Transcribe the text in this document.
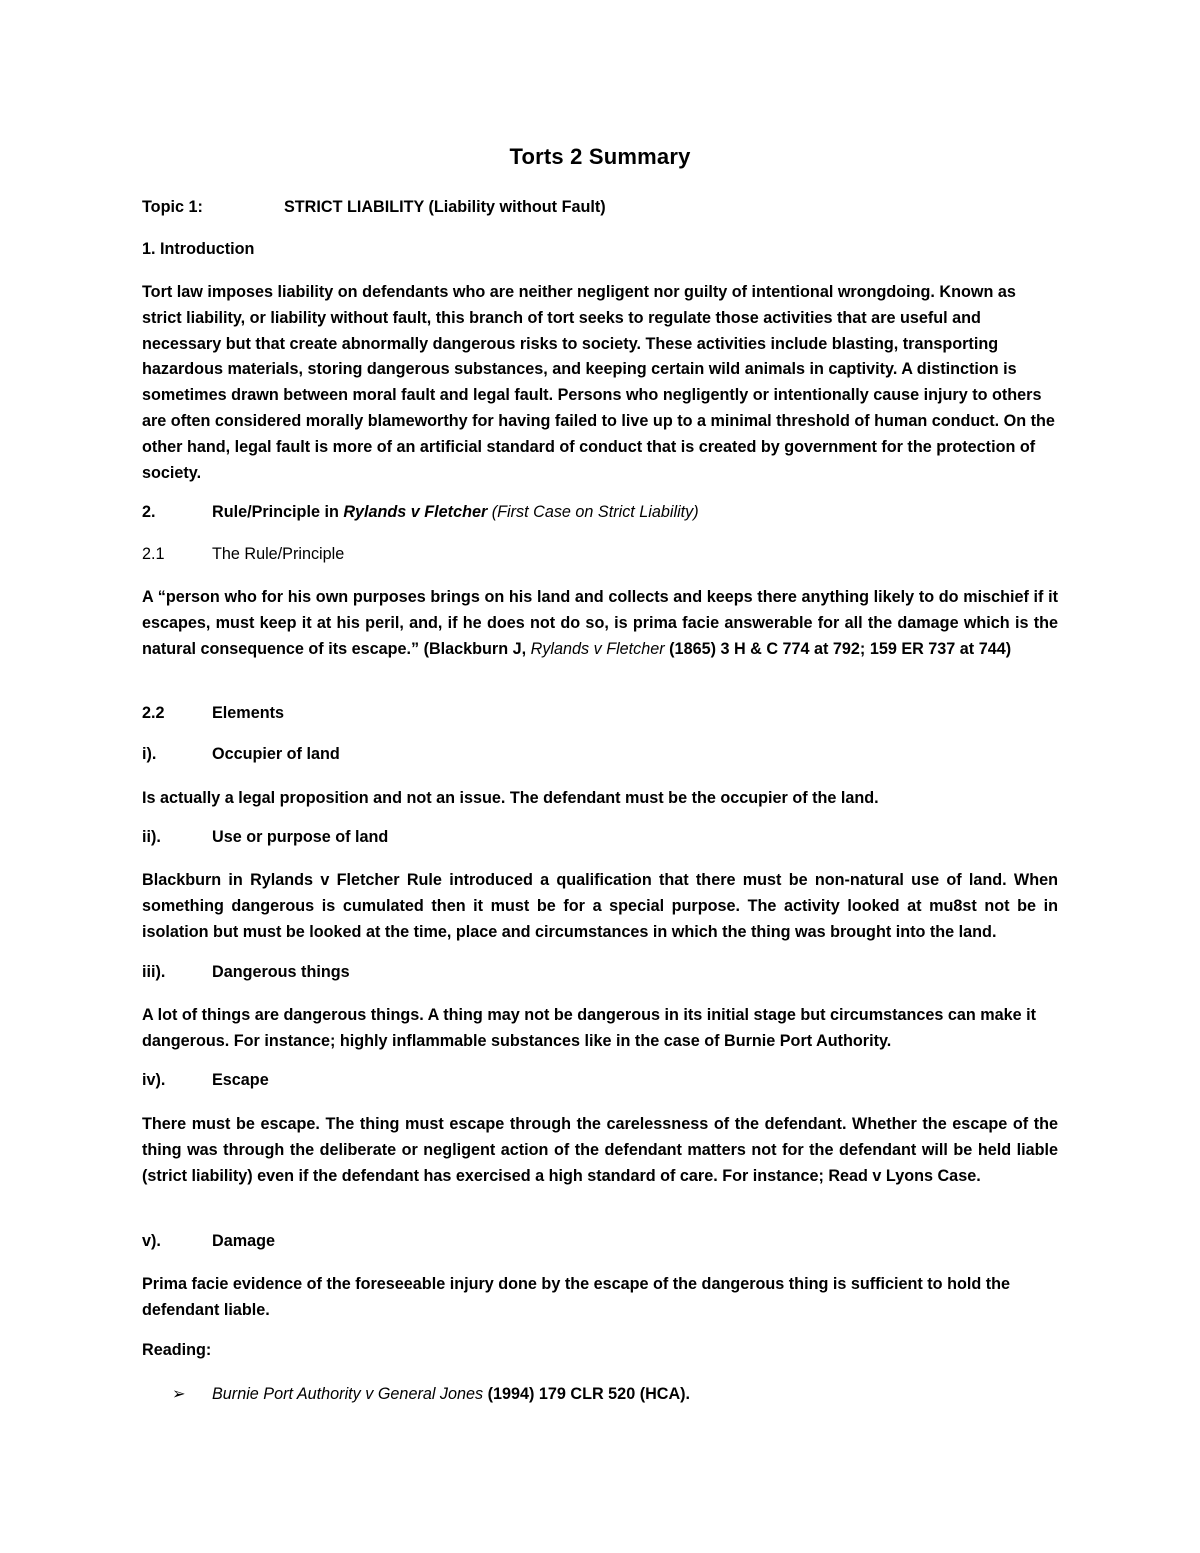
Torts 2 Summary
Topic 1:	STRICT LIABILITY (Liability without Fault)
1. Introduction
Tort law imposes liability on defendants who are neither negligent nor guilty of intentional wrongdoing. Known as strict liability, or liability without fault, this branch of tort seeks to regulate those activities that are useful and necessary but that create abnormally dangerous risks to society. These activities include blasting, transporting hazardous materials, storing dangerous substances, and keeping certain wild animals in captivity. A distinction is sometimes drawn between moral fault and legal fault. Persons who negligently or intentionally cause injury to others are often considered morally blameworthy for having failed to live up to a minimal threshold of human conduct. On the other hand, legal fault is more of an artificial standard of conduct that is created by government for the protection of society.
2.	Rule/Principle in Rylands v Fletcher (First Case on Strict Liability)
2.1	The Rule/Principle
A “person who for his own purposes brings on his land and collects and keeps there anything likely to do mischief if it escapes, must keep it at his peril, and, if he does not do so, is prima facie answerable for all the damage which is the natural consequence of its escape.” (Blackburn J, Rylands v Fletcher (1865) 3 H & C 774 at 792; 159 ER 737 at 744)
2.2	Elements
i).	Occupier of land
Is actually a legal proposition and not an issue. The defendant must be the occupier of the land.
ii).	Use or purpose of land
Blackburn in Rylands v Fletcher Rule introduced a qualification that there must be non-natural use of land. When something dangerous is cumulated then it must be for a special purpose. The activity looked at mu8st not be in isolation but must be looked at the time, place and circumstances in which the thing was brought into the land.
iii).	Dangerous things
A lot of things are dangerous things. A thing may not be dangerous in its initial stage but circumstances can make it dangerous. For instance; highly inflammable substances like in the case of Burnie Port Authority.
iv).	Escape
There must be escape. The thing must escape through the carelessness of the defendant. Whether the escape of the thing was through the deliberate or negligent action of the defendant matters not for the defendant will be held liable (strict liability) even if the defendant has exercised a high standard of care. For instance; Read v Lyons Case.
v).	Damage
Prima facie evidence of the foreseeable injury done by the escape of the dangerous thing is sufficient to hold the defendant liable.
Reading:
➢ Burnie Port Authority v General Jones (1994) 179 CLR 520 (HCA).
